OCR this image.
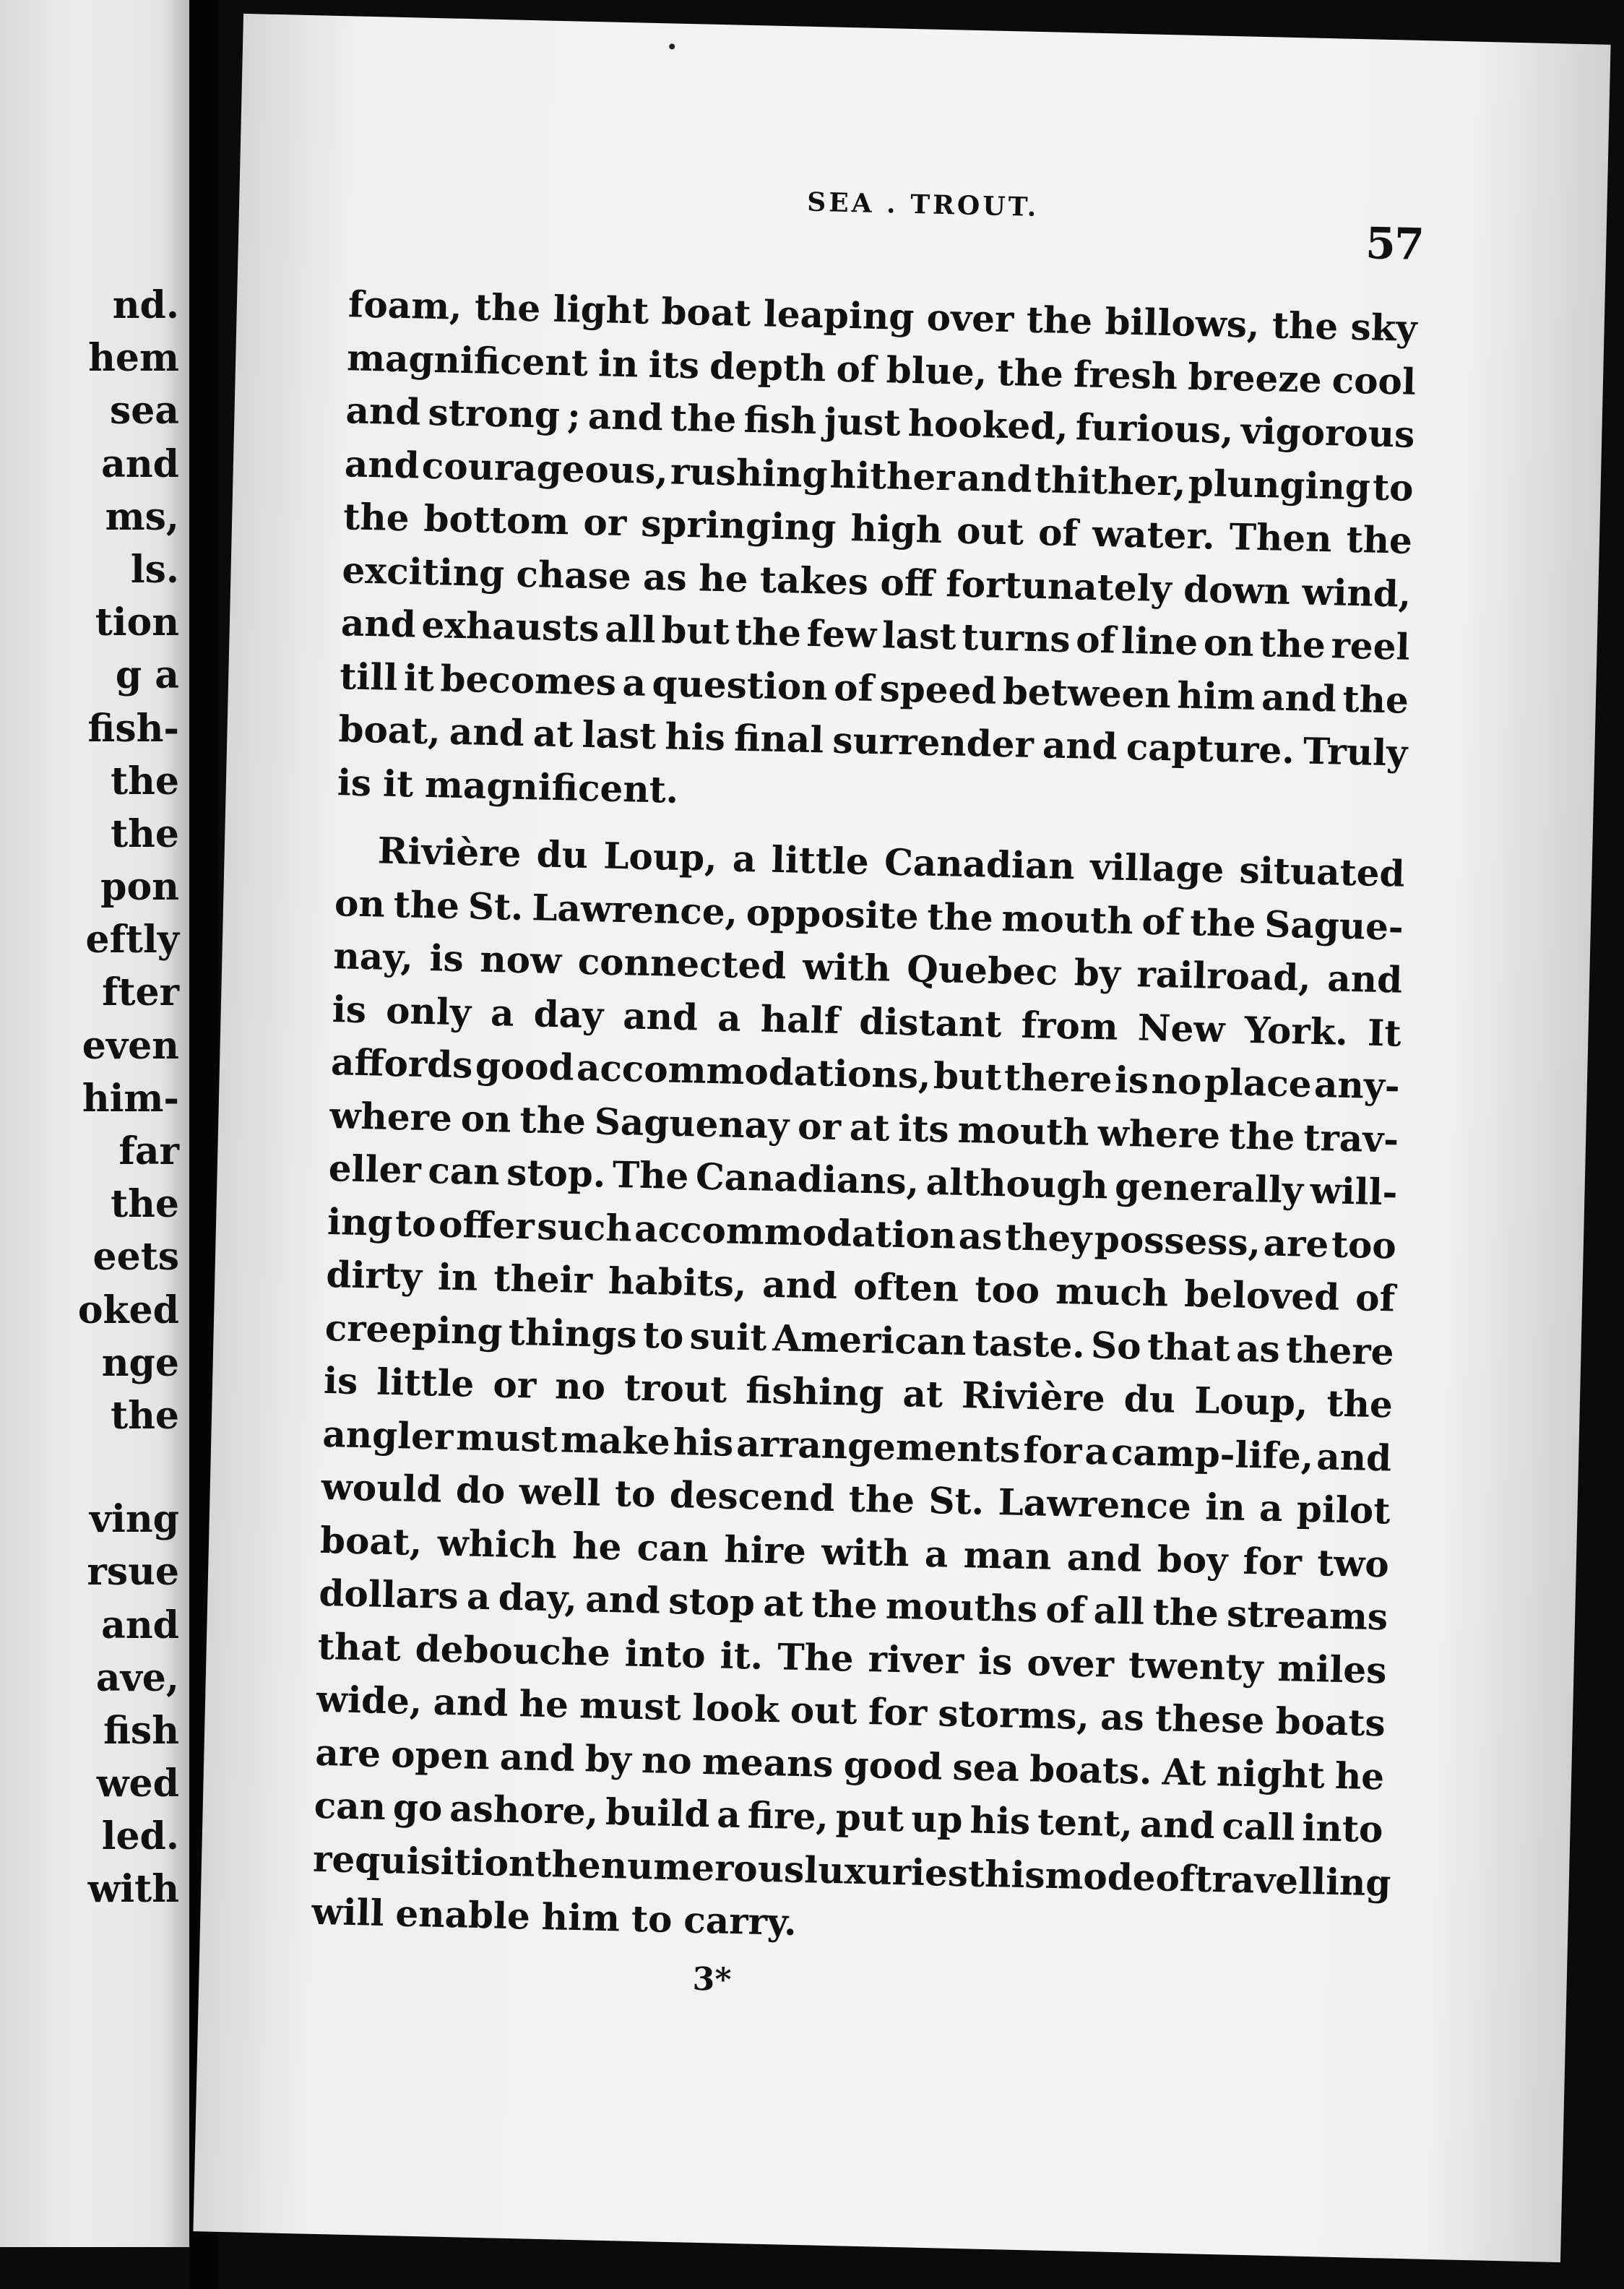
nd.
hem
sea
and
ms,
ls.
tion
g a
fish-
the
the
pon
eftly
fter
even
him-
far
the
eets
oked
nge
the
ving
rsue
and
ave,
fish
wed
led.
with
SEA . TROUT.
57
foam, the light boat leaping over the billows, the sky
magnificent in its depth of blue, the fresh breeze cool
and strong ; and the fish just hooked, furious, vigorous
and courageous, rushing hither and thither, plunging to
the bottom or springing high out of water. Then the
exciting chase as he takes off fortunately down wind,
and exhausts all but the few last turns of line on the reel
till it becomes a question of speed between him and the
boat, and at last his final surrender and capture. Truly
is it magnificent.
Rivière du Loup, a little Canadian village situated
on the St. Lawrence, opposite the mouth of the Sague-
nay, is now connected with Quebec by railroad, and
is only a day and a half distant from New York. It
affords good accommodations, but there is no place any-
where on the Saguenay or at its mouth where the trav-
eller can stop. The Canadians, although generally will-
ing to offer such accommodation as they possess, are too
dirty in their habits, and often too much beloved of
creeping things to suit American taste. So that as there
is little or no trout fishing at Rivière du Loup, the
angler must make his arrangements for a camp-life, and
would do well to descend the St. Lawrence in a pilot
boat, which he can hire with a man and boy for two
dollars a day, and stop at the mouths of all the streams
that debouche into it. The river is over twenty miles
wide, and he must look out for storms, as these boats
are open and by no means good sea boats. At night he
can go ashore, build a fire, put up his tent, and call into
requisition
the
numerous
luxuries
this
mode
of
travelling
will enable him to carry.
3*
